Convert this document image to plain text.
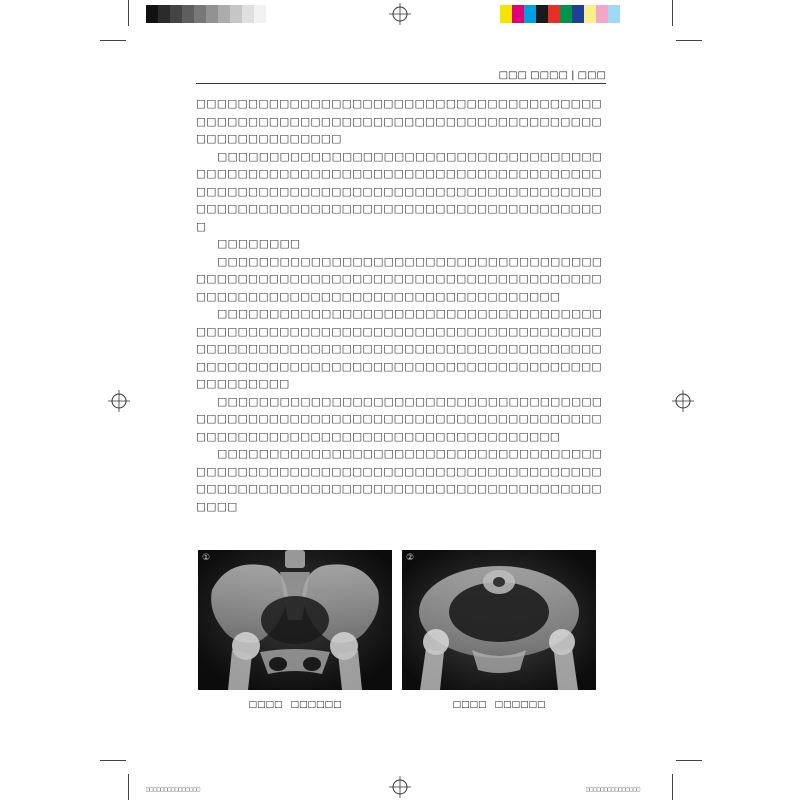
□□□ □□□□ | □□□

□□□□□□□□□□□□□□□□□□□□□□□□□□□□□□□□□□□□□□□□□□□□□□□□□□□□□□□□□□□□□□□□□□□□□□□□□□□□□□□□□□□□□□□□□□□□

□□□□□□□□□□□□□□□□□□□□□□□□□□□□□□□□□□□□□□□□□□□□□□□□□□□□□□□□□□□□□□□□□□□□□□□□□□□□□□□□□□□□□□□□□□□□□□□□□□□□□□□□□□□□□□□□□□□□□□□□□□□□□□□□□□□□□□□□□□□□□□□□□□□□□□□□□□□

□□□□□□□□

□□□□□□□□□□□□□□□□□□□□□□□□□□□□□□□□□□□□□□□□□□□□□□□□□□□□□□□□□□□□□□□□□□□□□□□□□□□□□□□□□□□□□□□□□□□□□□□□□□□□□□□□□□□□□□□

□□□□□□□□□□□□□□□□□□□□□□□□□□□□□□□□□□□□□□□□□□□□□□□□□□□□□□□□□□□□□□□□□□□□□□□□□□□□□□□□□□□□□□□□□□□□□□□□□□□□□□□□□□□□□□□□□□□□□□□□□□□□□□□□□□□□□□□□□□□□□□□□□□□□□□□□□□□□□□□□□□□

□□□□□□□□□□□□□□□□□□□□□□□□□□□□□□□□□□□□□□□□□□□□□□□□□□□□□□□□□□□□□□□□□□□□□□□□□□□□□□□□□□□□□□□□□□□□□□□□□□□□□□□□□□□□□□□

□□□□□□□□□□□□□□□□□□□□□□□□□□□□□□□□□□□□□□□□□□□□□□□□□□□□□□□□□□□□□□□□□□□□□□□□□□□□□□□□□□□□□□□□□□□□□□□□□□□□□□□□□□□□□□□□□□□□□□□

①
□□□□ □□□□□□
②
□□□□ □□□□□□
□□□□□□□□□□□□□□□	□□□□□□□□□□□□□□□
